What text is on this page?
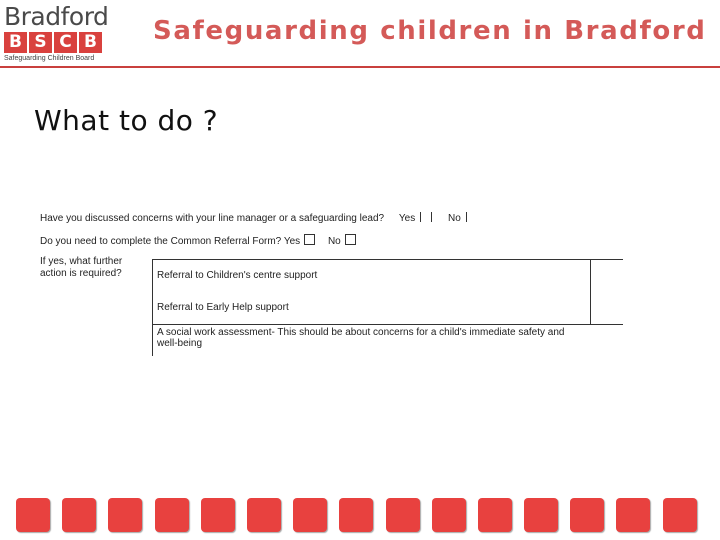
Bradford
B S C B
Safeguarding Children Board
Safeguarding children in Bradford
What to do ?
Have you discussed concerns with your line manager or a safeguarding lead? Yes	No
Do you need to complete the Common Referral Form? Yes	No
If yes, what further action is required?	Referral to Children's centre support
Referral to Early Help support
A social work assessment- This should be about concerns for a child's immediate safety and well-being
